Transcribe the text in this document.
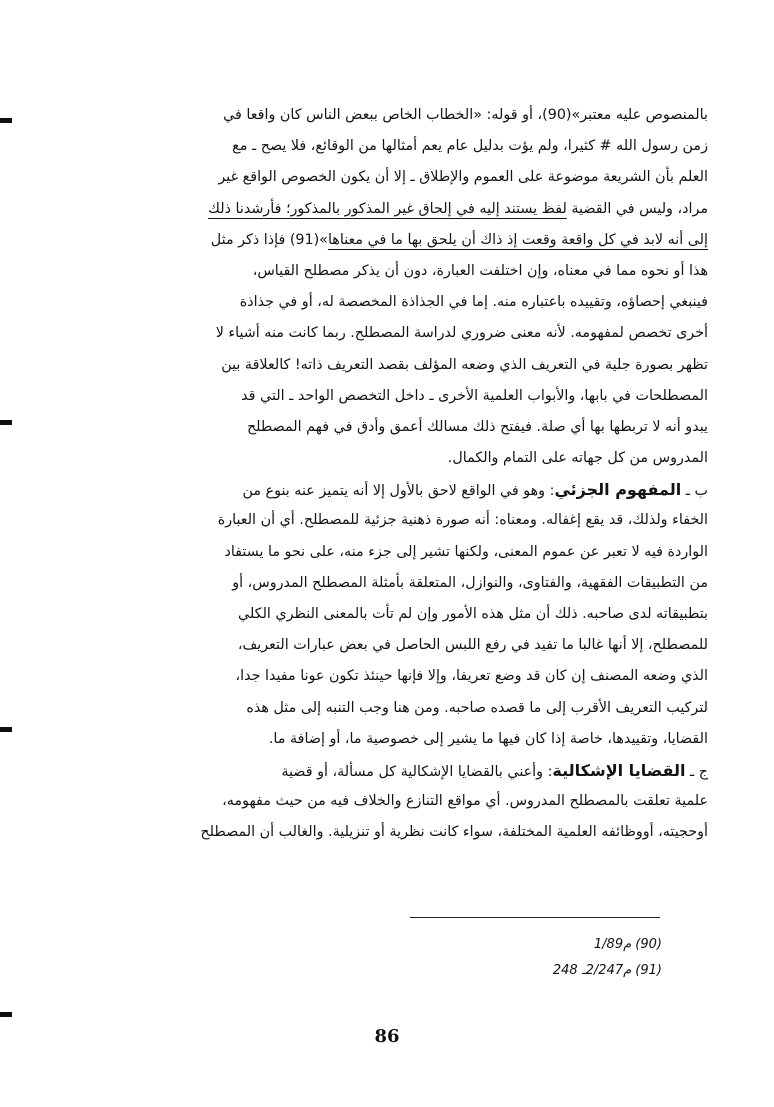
بالمنصوص عليه معتبر»(90)، أو قوله: «الخطاب الخاص ببعض الناس كان واقعا في
زمن رسول الله # كثيرا، ولم يؤت بدليل عام يعم أمثالها من الوقائع، فلا يصح ـ مع
العلم بأن الشريعة موضوعة على العموم والإطلاق ـ إلا أن يكون الخصوص الواقع غير
مراد، وليس في القضية لفظ يستند إليه في إلحاق غير المذكور بالمذكور؛ فأرشدنا ذلك
إلى أنه لابد في كل واقعة وقعت إذ ذاك أن يلحق بها ما في معناها»(91) فإذا ذكر مثل
هذا أو نحوه مما في معناه، وإن اختلفت العبارة، دون أن يذكر مصطلح القياس،
فينبغي إحصاؤه، وتقييده باعتباره منه. إما في الجذاذة المخصصة له، أو في جذاذة
أخرى تخصص لمفهومه. لأنه معنى ضروري لدراسة المصطلح. ربما كانت منه أشياء لا
تظهر بصورة جلية في التعريف الذي وضعه المؤلف بقصد التعريف ذاته! كالعلاقة بين
المصطلحات في بابها، والأبواب العلمية الأخرى ـ داخل التخصص الواحد ـ التي قد
يبدو أنه لا تربطها بها أي صلة. فيفتح ذلك مسالك أعمق وأدق في فهم المصطلح
المدروس من كل جهاته على التمام والكمال.
ب ـ المفهوم الجزئي: وهو في الواقع لاحق بالأول إلا أنه يتميز عنه بنوع من
الخفاء ولذلك، قد يقع إغفاله. ومعناه: أنه صورة ذهنية جزئية للمصطلح. أي أن العبارة
الواردة فيه لا تعبر عن عموم المعنى، ولكنها تشير إلى جزء منه، على نحو ما يستفاد
من التطبيقات الفقهية، والفتاوى، والنوازل، المتعلقة بأمثلة المصطلح المدروس، أو
بتطبيقاته لدى صاحبه. ذلك أن مثل هذه الأمور وإن لم تأت بالمعنى النظري الكلي
للمصطلح، إلا أنها غالبا ما تفيد في رفع اللبس الحاصل في بعض عبارات التعريف،
الذي وضعه المصنف إن كان قد وضع تعريفا، وإلا فإنها حينئذ تكون عونا مفيدا جدا،
لتركيب التعريف الأقرب إلى ما قصده صاحبه. ومن هنا وجب التنبه إلى مثل هذه
القضايا، وتقييدها، خاصة إذا كان فيها ما يشير إلى خصوصية ما، أو إضافة ما.
ج ـ القضايا الإشكالية: وأعني بالقضايا الإشكالية كل مسألة، أو قضية
علمية تعلقت بالمصطلح المدروس. أي مواقع التنازع والخلاف فيه من حيث مفهومه،
أوحجيته، أووظائفه العلمية المختلفة، سواء كانت نظرية أو تنزيلية. والغالب أن المصطلح
(90) م1/89
(91) م2/247ـ 248
86
